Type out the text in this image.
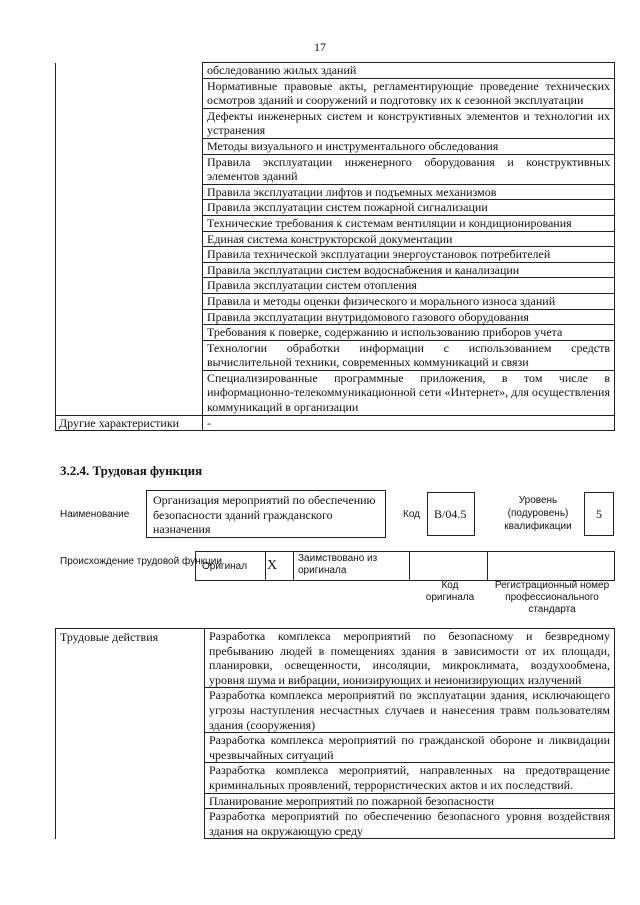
17
	обследованию жилых зданий
	Нормативные правовые акты, регламентирующие проведение технических осмотров зданий и сооружений и подготовку их к сезонной эксплуатации
	Дефекты инженерных систем и конструктивных элементов и технологии их устранения
	Методы визуального и инструментального обследования
	Правила эксплуатации инженерного оборудования и конструктивных элементов зданий
	Правила эксплуатации лифтов и подъемных механизмов
	Правила эксплуатации систем пожарной сигнализации
	Технические требования к системам вентиляции и кондиционирования
	Единая система конструкторской документации
	Правила технической эксплуатации энергоустановок потребителей
	Правила эксплуатации систем водоснабжения и канализации
	Правила эксплуатации систем отопления
	Правила и методы оценки физического и морального износа зданий
	Правила эксплуатации внутридомового газового оборудования
	Требования к поверке, содержанию и использованию приборов учета
	Технологии обработки информации с использованием средств вычислительной техники, современных коммуникаций и связи
	Специализированные программные приложения, в том числе в информационно-телекоммуникационной сети «Интернет», для осуществления коммуникаций в организации
Другие характеристики	-
3.2.4. Трудовая функция
Наименование
Организация мероприятий по обеспечению безопасности зданий гражданского назначения
Код	В/04.5
Уровень (подуровень) квалификации
5
Происхождение трудовой функции
Оригинал	Х	Заимствовано из оригинала		
Код оригинала
Регистрационный номер профессионального стандарта
Трудовые действия	Разработка комплекса мероприятий по безопасному и безвредному пребыванию людей в помещениях здания в зависимости от их площади, планировки, освещенности, инсоляции, микроклимата, воздухообмена, уровня шума и вибрации, ионизирующих и неионизирующих излучений
	Разработка комплекса мероприятий по эксплуатации здания, исключающего угрозы наступления несчастных случаев и нанесения травм пользователям здания (сооружения)
	Разработка комплекса мероприятий по гражданской обороне и ликвидации чрезвычайных ситуаций
	Разработка комплекса мероприятий, направленных на предотвращение криминальных проявлений, террористических актов и их последствий.
	Планирование мероприятий по пожарной безопасности
	Разработка мероприятий по обеспечению безопасного уровня воздействия здания на окружающую среду
